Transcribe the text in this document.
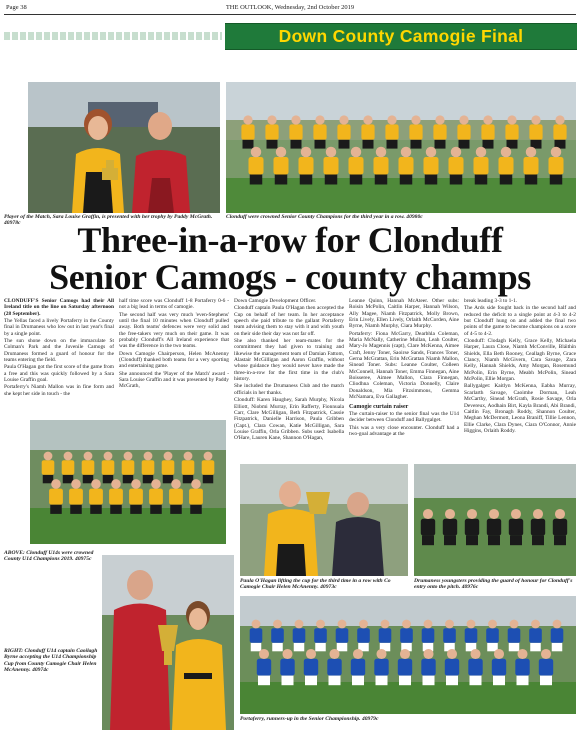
Page 38	THE OUTLOOK, Wednesday, 2nd October 2019
Down County Camogie Final
Player of the Match, Sara Louise Graffin, is presented with her trophy by Paddy McGrath. 40978c
Clonduff were crowned Senior County Champions for the third year in a row. 40980c
Three-in-a-row for Clonduff
Senior Camogs - county champs

CLONDUFF'S Senior Camogs had their All Ireland title on the line on Saturday afternoon (28 September).

The Yellas faced a lively Portaferry in the County final in Drumaness who low out in last year's final by a single point.

The sun shone down on the immaculate St Colman's Park and the Juvenile Camogs of Drumaness formed a guard of honour for the teams entering the field.

Paula O'Hagan got the first score of the game from a free and this was quickly followed by a Sara Louise Graffin goal.

Portaferry's Niamh Mallon was in fine form and she kept her side in touch - the

half time score was Clonduff 1-8 Portaferry 0-6 - not a big lead in terms of camogie.

The second half was very much 'even-Stephens' until the final 10 minutes when Clonduff pulled away. Both teams' defences were very solid and the free-takers very much on their game. It was probably Clonduff's All Ireland experience that was the difference in the two teams.

Down Camogie Chairperson, Helen McAnenny (Clonduff) thanked both teams for a very sporting and entertaining game.

She announced the 'Player of the Match' award - Sara Louise Graffin and it was presented by Paddy McGrath,

Down Camogie Development Officer.

Clonduff captain Paula O'Hagan then accepted the Cup on behalf of her team. In her acceptance speech she paid tribute to the gallant Portaferry team advising them to stay with it and with youth on their side their day was not far off.

She also thanked her team-mates for the commitment they had given to training and likewise the management team of Damian Fattom, Alastair McGilligan and Aaron Graffin, without whose guidance they would never have made the three-in-a-row for the first time in the club's history.

She included the Drumaness Club and the match officials in her thanks.

Clonduff: Karen Haughey, Sarah Murphy, Nicola Elliott, Niobmi Murray, Erin Rafferty, Fionnuala Carr, Clare McGilligan, Beth Fitzpatrick, Cassie Fitzpatrick, Danielle Harrison, Paula Gribben (Capt.), Clara Cowan, Katie McGilligan, Sara Louise Graffin, Orla Gribben. Subs used: Isabella O'Hare, Lauren Kane, Shannon O'Hagan,

Leanne Quinn, Hannah McAteer. Other subs: Roisin McPolin, Caitlin Harper, Hannah Wilson, Ally Magee, Niamh Fitzpatrick, Molly Brown, Erin Lively, Ellen Lively, Orlaith McCorden, Aine Byrne, Niamh Murphy, Ciara Murphy.

Portaferry: Fiona McGarry, Dearbhla Coleman, Maria McNally, Catherine Mullan, Leah Coulter, Mary-Jo Magennis (capt), Clare McKenna, Aimee Craft, Jenny Toner, Saoirse Sands, Frances Toner, Gerna McGrattan, Erin McGrattan Niamh Mallon, Sinead Toner. Subs: Leanne Coulter, Colleen McConnell, Hannah Toner, Emma Finnegan, Aine Boisseree, Aimee Mallon, Ciara Finnegan, Cliodhna Coleman, Victoria Donnelly, Claire Donaldson, Mia Fitzsimmons, Gemma McNamara, Eva Gallagher.

Camogie curtain raiser

The curtain-raiser to the senior final was the U14 decider between Clonduff and Ballygalget.

This was a very close encounter. Clonduff had a two-goal advantage at the

break leading 3-3 to 1-1.

The Ards side fought back in the second half and reduced the deficit to a single point at 4-3 to 4-2 but Clonduff hung on and added the final two points of the game to become champions on a score of 4-5 to 4-2.

Clonduff: Clodagh Kelly, Grace Kelly, Michaela Harper, Laura Close, Niamh McConville, Bláithín Shields, Ella Beth Rooney, Ceallagh Byrne, Grace Clancy, Niamh McGivern, Cara Savage, Zara Kelly, Hannah Shields, Amy Morgan, Rosemund McPolin, Erin Byrne, Meabh McPolin, Sinead McPolin, Ellie Morgan.

Ballygalget: Kaitlyn McKenna, Eabha Murray, Scarlarth Savage, Caoimhe Dorman, Leah McCarthy, Sinead McGrath, Rosie Savage, Orla Devereux, Aodhain Birt, Kayla Brandi, Abi Brandi, Caitlin Fay, Bronagh Roddy, Shannon Coulter, Meghan McDermott, Leona Braniff, Tillie Lennon, Ellie Clarke, Clara Dynes, Ciara O'Connor, Annie Higgins, Orlaith Roddy.

ABOVE: Clonduff U14s were crowned County U14 Champions 2019. 40975c
RIGHT: Clonduff U14 captain Caoilagh Byrne accepting the U14 Championship Cup from County Camogie Chair Helen McAnenny. 40974c
Paula O'Hagan lifting the cup for the third time in a row with Co Camogie Chair Helen McAnenny. 40973c
Drumaness youngsters providing the guard of honour for Clonduff's entry onto the pitch. 40976c
Portaferry, runners-up in the Senior Championship. 40979c
